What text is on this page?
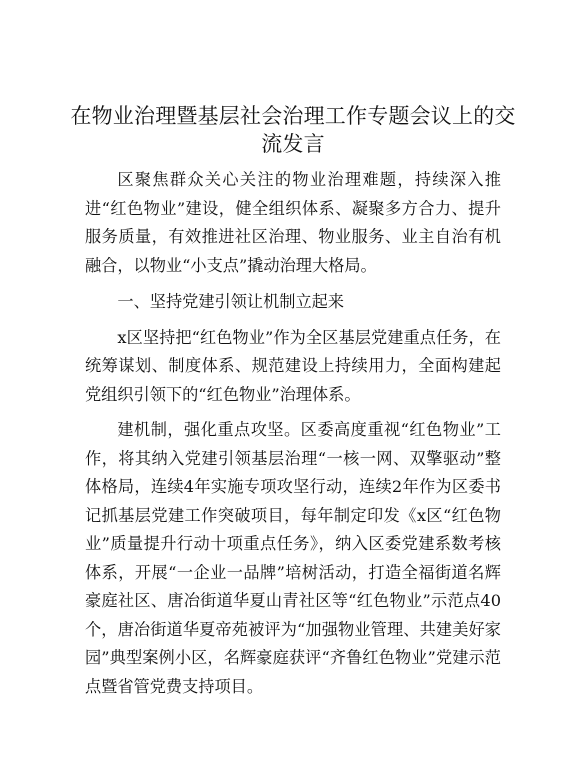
在物业治理暨基层社会治理工作专题会议上的交流发言

区聚焦群众关心关注的物业治理难题，持续深入推进“红色物业”建设，健全组织体系、凝聚多方合力、提升服务质量，有效推进社区治理、物业服务、业主自治有机融合，以物业“小支点”撬动治理大格局。

一、坚持党建引领让机制立起来

x区坚持把“红色物业”作为全区基层党建重点任务，在统筹谋划、制度体系、规范建设上持续用力，全面构建起党组织引领下的“红色物业”治理体系。

建机制，强化重点攻坚。区委高度重视“红色物业”工作，将其纳入党建引领基层治理“一核一网、双擎驱动”整体格局，连续4年实施专项攻坚行动，连续2年作为区委书记抓基层党建工作突破项目，每年制定印发《x区“红色物业”质量提升行动十项重点任务》，纳入区委党建系数考核体系，开展“一企业一品牌”培树活动，打造全福街道名辉豪庭社区、唐冶街道华夏山青社区等“红色物业”示范点40个，唐冶街道华夏帝苑被评为“加强物业管理、共建美好家园”典型案例小区，名辉豪庭获评“齐鲁红色物业”党建示范点暨省管党费支持项目。
